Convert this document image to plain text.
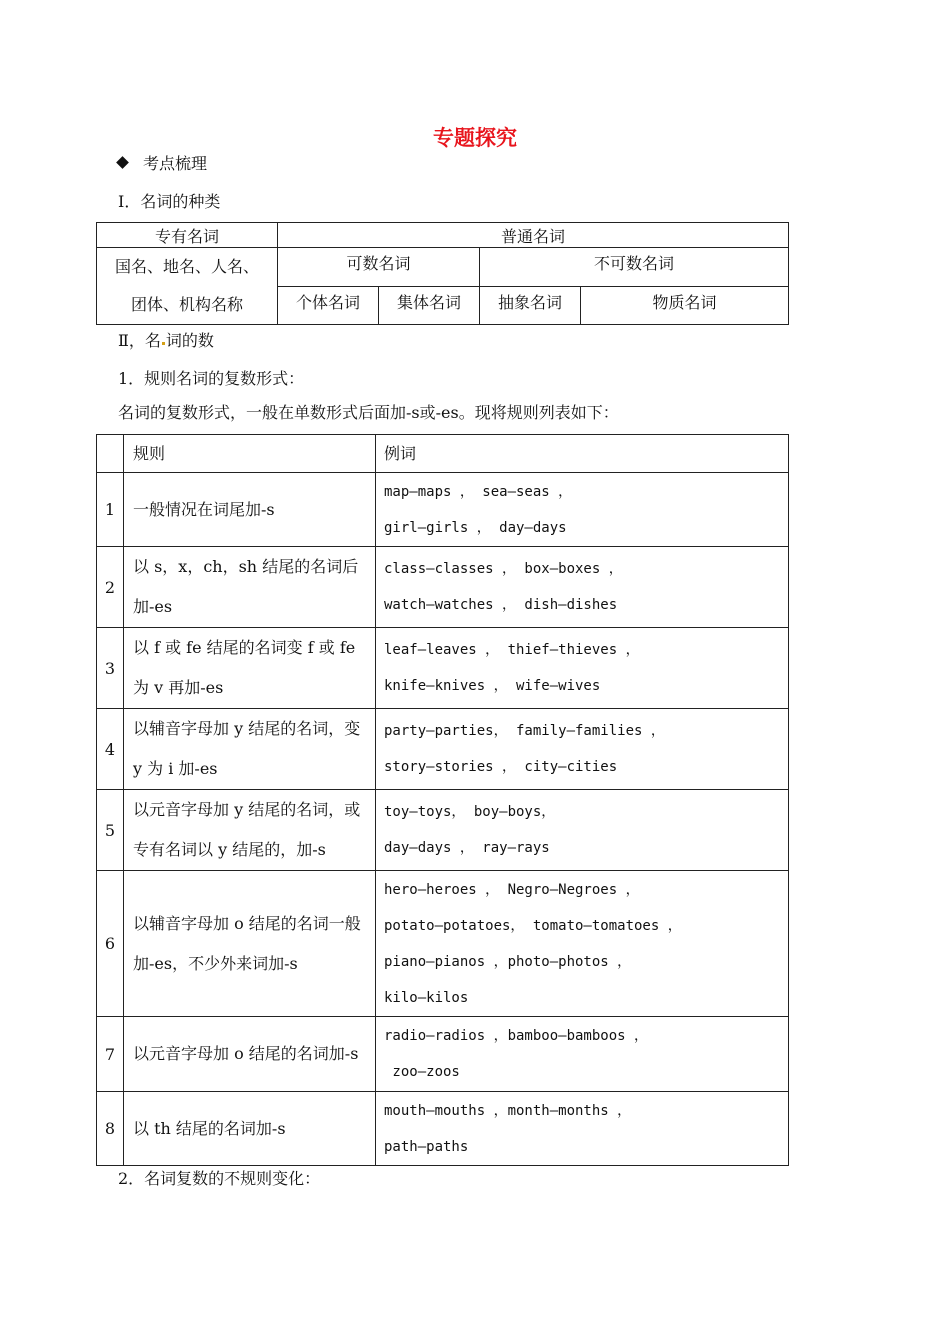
专题探究
考点梳理
Ⅰ．名词的种类
专有名词	普通名词			

国名、地名、人名、
团体、机构名称	可数名词		不可数名词	
	个体名词	集体名词	抽象名词	物质名词
Ⅱ，名 词的数
1．规则名词的复数形式：
名词的复数形式，一般在单数形式后面加-s或-es。现将规则列表如下：
	规则	例词
1	一般情况在词尾加-s	map—maps ， sea—seas ，
girl—girls ， day—days

2	以 s，x，ch，sh 结尾的名词后加-es	class—classes ， box—boxes ，
watch—watches ， dish—dishes

3	以 f 或 fe 结尾的名词变 f 或 fe 为 v 再加-es	leaf—leaves ， thief—thieves ，
knife—knives ， wife—wives

4	以辅音字母加 y 结尾的名词，变 y 为 i 加-es	party—parties， family—families ，
story—stories ， city—cities

5	以元音字母加 y 结尾的名词，或专有名词以 y 结尾的，加-s	toy—toys， boy—boys，
day—days ， ray—rays

6	以辅音字母加 o 结尾的名词一般加-es，不少外来词加-s	hero—heroes ， Negro—Negroes ，
potato—potatoes， tomato—tomatoes ，
piano—pianos ，photo—photos ，
kilo—kilos

7	以元音字母加 o 结尾的名词加-s	radio—radios ，bamboo—bamboos ，
zoo—zoos

8	以 th 结尾的名词加-s	mouth—mouths ，month—months ，
path—paths
2．名词复数的不规则变化：
